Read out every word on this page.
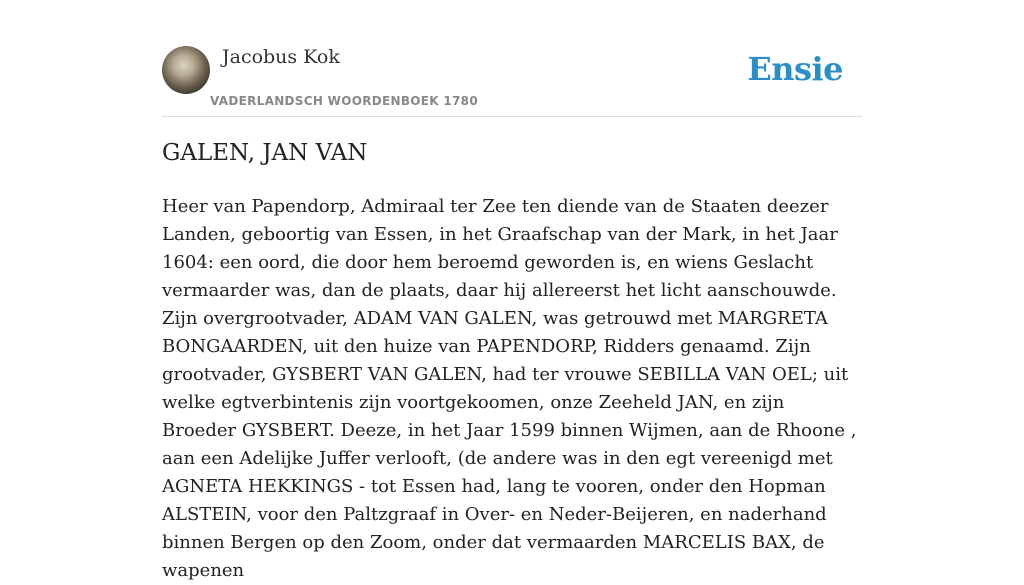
Jacobus Kok
VADERLANDSCH WOORDENBOEK 1780
Ensie
GALEN, JAN VAN

Heer van Papendorp, Admiraal ter Zee ten diende van de Staaten deezer Landen, geboortig van Essen, in het Graafschap van der Mark, in het Jaar 1604: een oord, die door hem beroemd geworden is, en wiens Geslacht vermaarder was, dan de plaats, daar hij allereerst het licht aanschouwde. Zijn overgrootvader, ADAM VAN GALEN, was getrouwd met MARGRETA BONGAARDEN, uit den huize van PAPENDORP, Ridders genaamd. Zijn grootvader, GYSBERT VAN GALEN, had ter vrouwe SEBILLA VAN OEL; uit welke egtverbintenis zijn voortgekoomen, onze Zeeheld JAN, en zijn Broeder GYSBERT. Deeze, in het Jaar 1599 binnen Wijmen, aan de Rhoone , aan een Adelijke Juffer verlooft, (de andere was in den egt vereenigd met AGNETA HEKKINGS - tot Essen had, lang te vooren, onder den Hopman ALSTEIN, voor den Paltzgraaf in Over- en Neder-Beijeren, en naderhand binnen Bergen op den Zoom, onder dat vermaarden MARCELIS BAX, de wapenen
